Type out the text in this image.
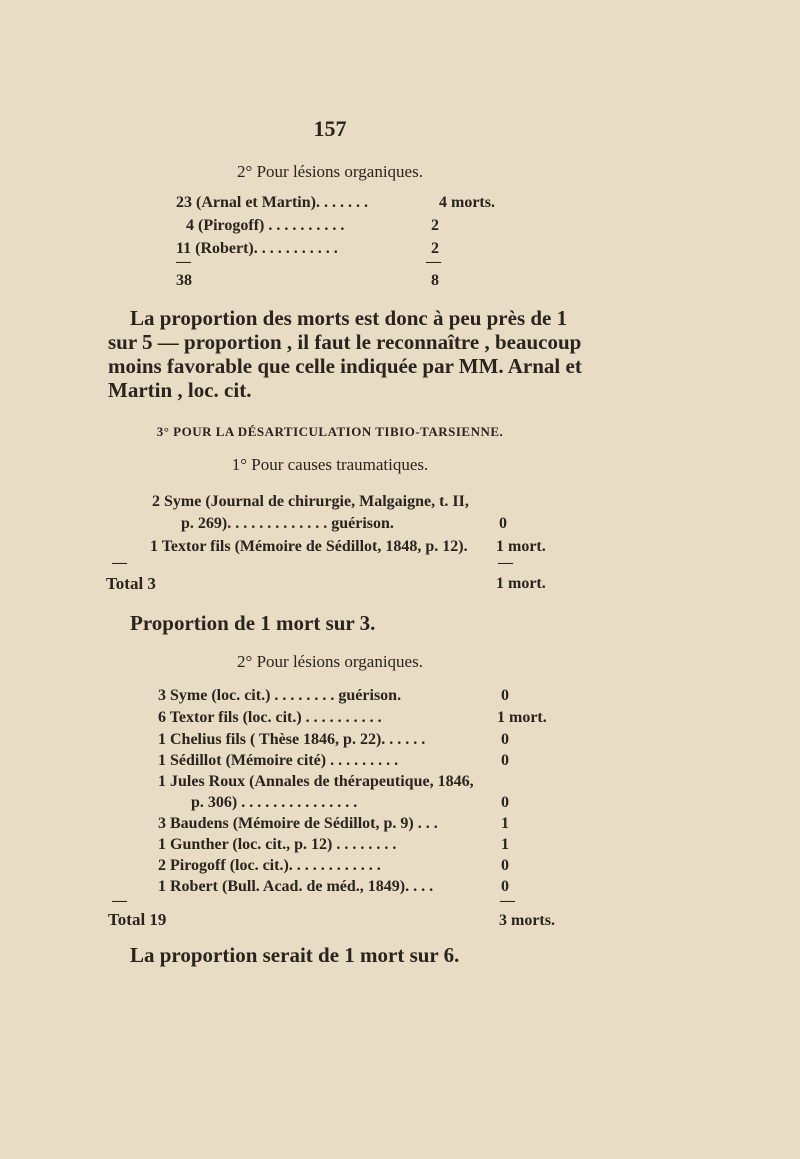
157
2° Pour lésions organiques.
23 (Arnal et Martin). . . . . . .	4 morts.
4 (Pirogoff) . . . . . . . . . .	2
11 (Robert). . . . . . . . . . .	2
—	—
38	8
La proportion des morts est donc à peu près de 1
sur 5 — proportion , il faut le reconnaître , beaucoup
moins favorable que celle indiquée par MM. Arnal et
Martin , loc. cit.
3° POUR LA DÉSARTICULATION TIBIO-TARSIENNE.
1° Pour causes traumatiques.
2 Syme (Journal de chirurgie, Malgaigne, t. II,
p. 269). . . . . . . . . . . . . guérison.	0
1 Textor fils (Mémoire de Sédillot, 1848, p. 12). 1 mort.
—	—
Total 3	1 mort.
Proportion de 1 mort sur 3.
2° Pour lésions organiques.
3 Syme (loc. cit.) . . . . . . . . guérison.	0
6 Textor fils (loc. cit.) . . . . . . . . . .	1 mort.
1 Chelius fils ( Thèse 1846, p. 22). . . . . .	0
1 Sédillot (Mémoire cité) . . . . . . . . .	0
1 Jules Roux (Annales de thérapeutique, 1846,
p. 306) . . . . . . . . . . . . . . .	0
3 Baudens (Mémoire de Sédillot, p. 9) . . .	1
1 Gunther (loc. cit., p. 12) . . . . . . . .	1
2 Pirogoff (loc. cit.). . . . . . . . . . . .	0
1 Robert (Bull. Acad. de méd., 1849). . . .	0
—	—
Total 19	3 morts.
La proportion serait de 1 mort sur 6.
